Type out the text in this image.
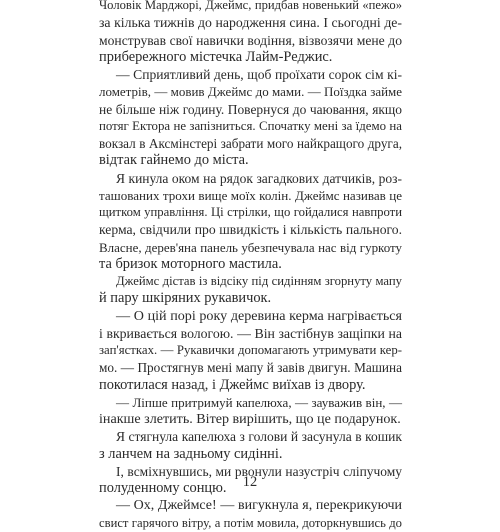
Чоловік Марджорі, Джеймс, придбав новенький «пежо»
за кілька тижнів до народження сина. І сьогодні де-
монстрував свої навички водіння, візвозячи мене до
прибережного містечка Лайм-Реджис.
— Сприятливий день, щоб проїхати сорок сім кі-
лометрів, — мовив Джеймс до мами. — Поїздка займе
не більше ніж годину. Повернуся до чаювання, якщо
потяг Ектора не запізниться. Спочатку мені за їдемо на
вокзал в Аксмінстері забрати мого найкращого друга,
відтак гайнемо до міста.
Я кинула оком на рядок загадкових датчиків, роз-
ташованих трохи вище моїх колін. Джеймс називав це
щитком управління. Ці стрілки, що гойдалися навпроти
керма, свідчили про швидкість і кількість пального.
Власне, дерев'яна панель убезпечувала нас від гуркоту
та бризок моторного мастила.
Джеймс дістав із відсіку під сидінням згорнуту мапу
й пару шкіряних рукавичок.
— О цій порі року деревина керма нагрівається
і вкривається вологою. — Він застібнув защіпки на
зап'ястках. — Рукавички допомагають утримувати кер-
мо. — Простягнув мені мапу й завів двигун. Машина
покотилася назад, і Джеймс виїхав із двору.
— Ліпше притримуй капелюха, — зауважив він, —
інакше злетить. Вітер вирішить, що це подарунок.
Я стягнула капелюха з голови й засунула в кошик
з ланчем на задньому сидінні.
І, всміхнувшись, ми рвонули назустріч сліпучому
полуденному сонцю.
— Ох, Джеймсе! — вигукнула я, перекрикуючи
свист гарячого вітру, а потім мовила, доторкнувшись до
12
